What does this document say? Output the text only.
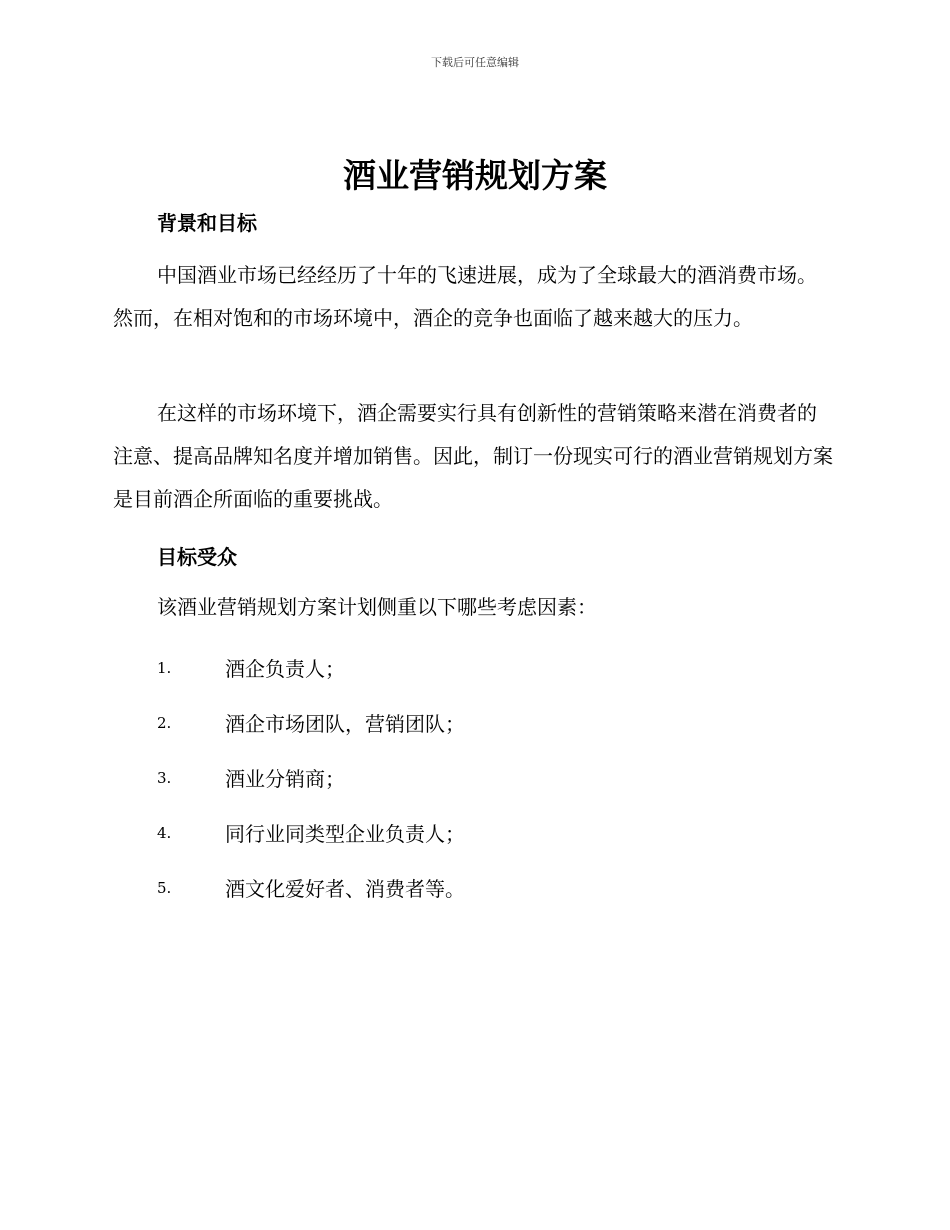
下载后可任意编辑
酒业营销规划方案
背景和目标

中国酒业市场已经经历了十年的飞速进展，成为了全球最大的酒消费市场。然而，在相对饱和的市场环境中，酒企的竞争也面临了越来越大的压力。

在这样的市场环境下，酒企需要实行具有创新性的营销策略来潜在消费者的注意、提高品牌知名度并增加销售。因此，制订一份现实可行的酒业营销规划方案是目前酒企所面临的重要挑战。

目标受众

该酒业营销规划方案计划侧重以下哪些考虑因素：

1.	酒企负责人；
2.	酒企市场团队，营销团队；
3.	酒业分销商；
4.	同行业同类型企业负责人；
5.	酒文化爱好者、消费者等。
